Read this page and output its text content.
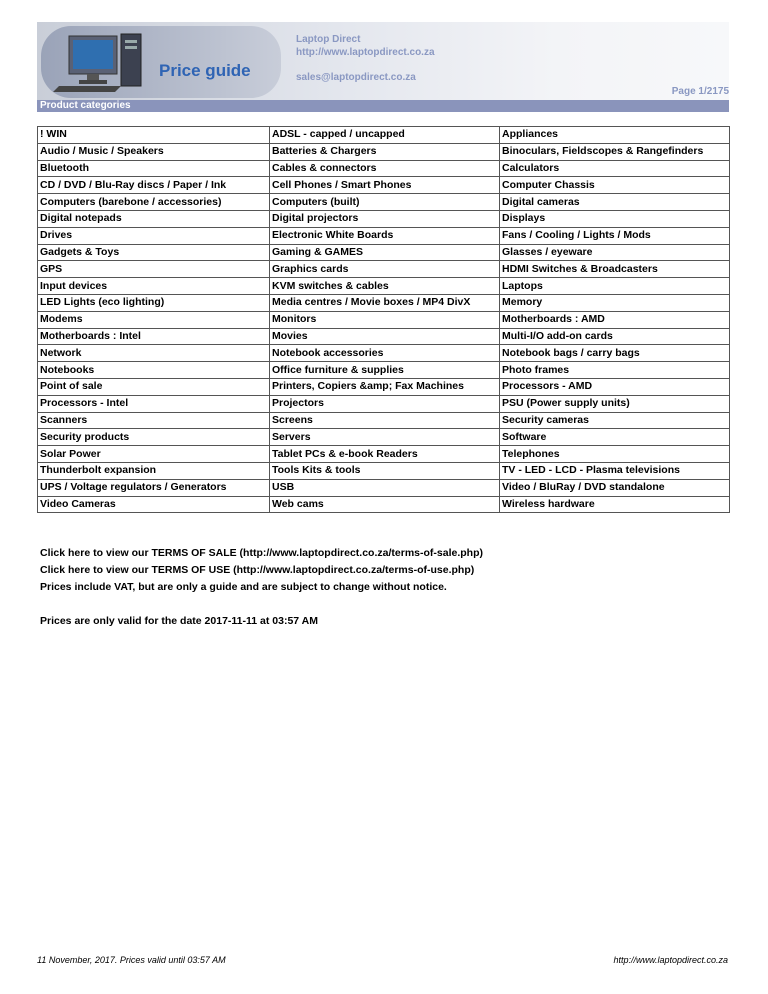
Price guide
Laptop Direct
http://www.laptopdirect.co.za
sales@laptopdirect.co.za
Page 1/2175
Product categories
! WIN	ADSL - capped / uncapped	Appliances
Audio / Music / Speakers	Batteries & Chargers	Binoculars, Fieldscopes & Rangefinders
Bluetooth	Cables & connectors	Calculators
CD / DVD / Blu-Ray discs / Paper / Ink	Cell Phones / Smart Phones	Computer Chassis
Computers (barebone / accessories)	Computers (built)	Digital cameras
Digital notepads	Digital projectors	Displays
Drives	Electronic White Boards	Fans / Cooling / Lights / Mods
Gadgets & Toys	Gaming & GAMES	Glasses / eyeware
GPS	Graphics cards	HDMI Switches & Broadcasters
Input devices	KVM switches & cables	Laptops
LED Lights (eco lighting)	Media centres / Movie boxes / MP4 DivX	Memory
Modems	Monitors	Motherboards : AMD
Motherboards : Intel	Movies	Multi-I/O add-on cards
Network	Notebook accessories	Notebook bags / carry bags
Notebooks	Office furniture & supplies	Photo frames
Point of sale	Printers, Copiers &amp; Fax Machines	Processors - AMD
Processors - Intel	Projectors	PSU (Power supply units)
Scanners	Screens	Security cameras
Security products	Servers	Software
Solar Power	Tablet PCs & e-book Readers	Telephones
Thunderbolt expansion	Tools Kits & tools	TV - LED - LCD - Plasma televisions
UPS / Voltage regulators / Generators	USB	Video / BluRay / DVD standalone
Video Cameras	Web cams	Wireless hardware
Click here to view our TERMS OF SALE (http://www.laptopdirect.co.za/terms-of-sale.php)
Click here to view our TERMS OF USE (http://www.laptopdirect.co.za/terms-of-use.php)
Prices include VAT, but are only a guide and are subject to change without notice.
Prices are only valid for the date 2017-11-11 at 03:57 AM
11 November, 2017. Prices valid until 03:57 AM	http://www.laptopdirect.co.za
